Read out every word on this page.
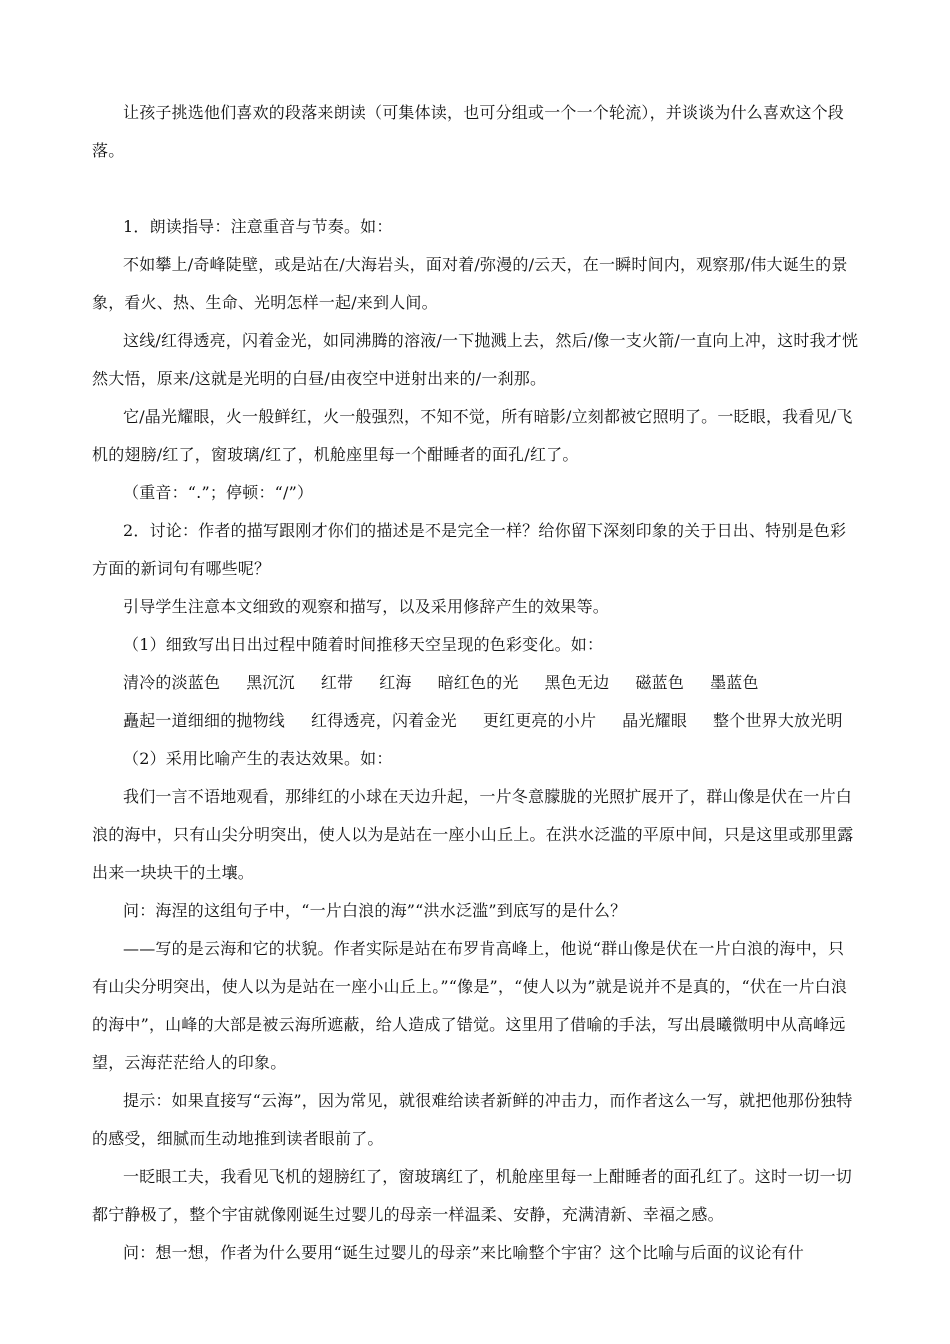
让孩子挑选他们喜欢的段落来朗读（可集体读，也可分组或一个一个轮流），并谈谈为什么喜欢这个段落。

1．朗读指导：注意重音与节奏。如：

不如攀上/奇峰陡壁，或是站在/大海岩头，面对着/弥漫的/云天，在一瞬时间内，观察那/伟大诞生的景象，看火、热、生命、光明怎样一起/来到人间。

这线/红得透亮，闪着金光，如同沸腾的溶液/一下抛溅上去，然后/像一支火箭/一直向上冲，这时我才恍然大悟，原来/这就是光明的白昼/由夜空中迸射出来的/一刹那。

它/晶光耀眼，火一般鲜红，火一般强烈，不知不觉，所有暗影/立刻都被它照明了。一眨眼，我看见/飞机的翅膀/红了，窗玻璃/红了，机舱座里每一个酣睡者的面孔/红了。

（重音：“.”；停顿：“/”）

2．讨论：作者的描写跟刚才你们的描述是不是完全一样？给你留下深刻印象的关于日出、特别是色彩方面的新词句有哪些呢？

引导学生注意本文细致的观察和描写，以及采用修辞产生的效果等。

（1）细致写出日出过程中随着时间推移天空呈现的色彩变化。如：

清冷的淡蓝色 黑沉沉 红带 红海 暗红色的光 黑色无边 磁蓝色 墨蓝色
矗起一道细细的抛物线 红得透亮，闪着金光 更红更亮的小片 晶光耀眼 整个世界大放光明

（2）采用比喻产生的表达效果。如：

我们一言不语地观看，那绯红的小球在天边升起，一片冬意朦胧的光照扩展开了，群山像是伏在一片白浪的海中，只有山尖分明突出，使人以为是站在一座小山丘上。在洪水泛滥的平原中间，只是这里或那里露出来一块块干的土壤。

问：海涅的这组句子中，“一片白浪的海”“洪水泛滥”到底写的是什么？

——写的是云海和它的状貌。作者实际是站在布罗肯高峰上，他说“群山像是伏在一片白浪的海中，只有山尖分明突出，使人以为是站在一座小山丘上。”“像是”，“使人以为”就是说并不是真的，“伏在一片白浪的海中”，山峰的大部是被云海所遮蔽，给人造成了错觉。这里用了借喻的手法，写出晨曦微明中从高峰远望，云海茫茫给人的印象。

提示：如果直接写“云海”，因为常见，就很难给读者新鲜的冲击力，而作者这么一写，就把他那份独特的感受，细腻而生动地推到读者眼前了。

一眨眼工夫，我看见飞机的翅膀红了，窗玻璃红了，机舱座里每一上酣睡者的面孔红了。这时一切一切都宁静极了，整个宇宙就像刚诞生过婴儿的母亲一样温柔、安静，充满清新、幸福之感。

问：想一想，作者为什么要用“诞生过婴儿的母亲”来比喻整个宇宙？这个比喻与后面的议论有什
